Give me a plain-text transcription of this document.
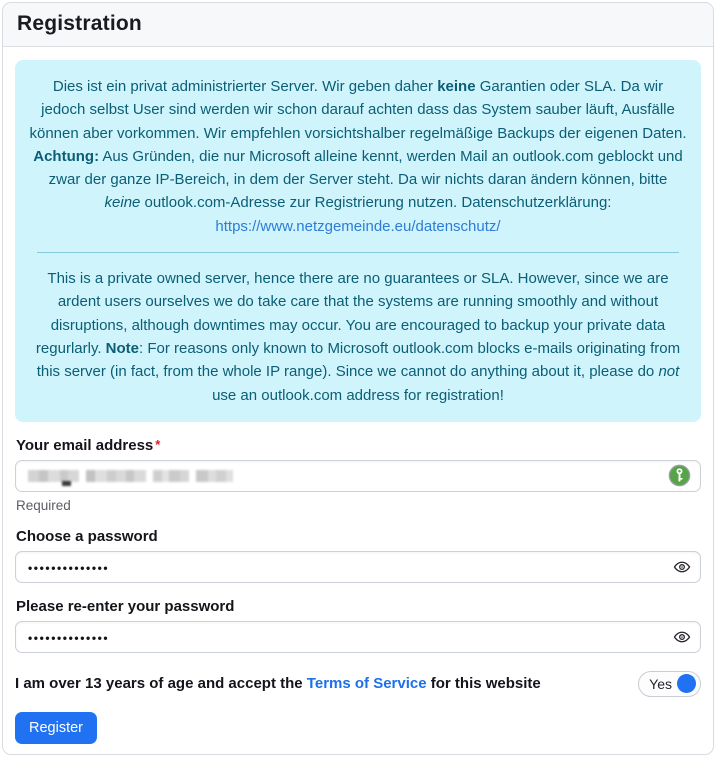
Registration

Dies ist ein privat administrierter Server. Wir geben daher keine Garantien oder SLA. Da wir jedoch selbst User sind werden wir schon darauf achten dass das System sauber läuft, Ausfälle können aber vorkommen. Wir empfehlen vorsichtshalber regelmäßige Backups der eigenen Daten. Achtung: Aus Gründen, die nur Microsoft alleine kennt, werden Mail an outlook.com geblockt und zwar der ganze IP-Bereich, in dem der Server steht. Da wir nichts daran ändern können, bitte keine outlook.com-Adresse zur Registrierung nutzen. Datenschutzerklärung: https://www.netzgemeinde.eu/datenschutz/

This is a private owned server, hence there are no guarantees or SLA. However, since we are ardent users ourselves we do take care that the systems are running smoothly and without disruptions, although downtimes may occur. You are encouraged to backup your private data regurlarly. Note: For reasons only known to Microsoft outlook.com blocks e-mails originating from this server (in fact, from the whole IP range). Since we cannot do anything about it, please do not use an outlook.com address for registration!

Your email address *
Required
Choose a password
••••••••••••••
Please re-enter your password
••••••••••••••
I am over 13 years of age and accept the Terms of Service for this website	Yes
Register
